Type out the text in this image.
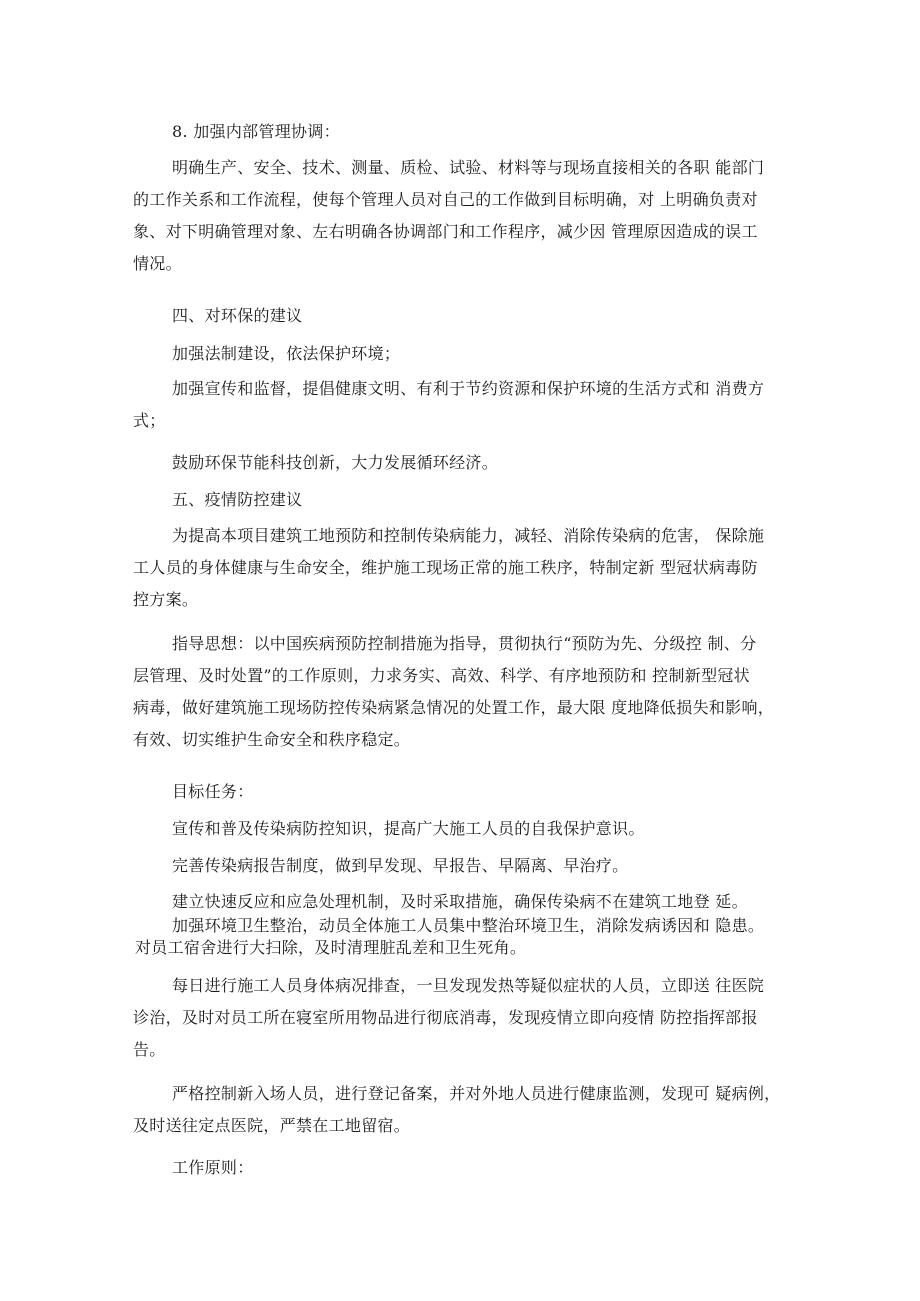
8. 加强内部管理协调：

明确生产、安全、技术、测量、质检、试验、材料等与现场直接相关的各职 能部门
的工作关系和工作流程，使每个管理人员对自己的工作做到目标明确，对 上明确负责对
象、对下明确管理对象、左右明确各协调部门和工作程序，减少因 管理原因造成的误工
情况。

四、对环保的建议

加强法制建设，依法保护环境；

加强宣传和监督，提倡健康文明、有利于节约资源和保护环境的生活方式和 消费方
式；

鼓励环保节能科技创新，大力发展循环经济。

五、疫情防控建议

为提高本项目建筑工地预防和控制传染病能力，减轻、消除传染病的危害， 保除施
工人员的身体健康与生命安全，维护施工现场正常的施工秩序，特制定新 型冠状病毒防
控方案。
指导思想：以中国疾病预防控制措施为指导，贯彻执行“预防为先、分级控 制、分
层管理、及时处置”的工作原则，力求务实、高效、科学、有序地预防和 控制新型冠状
病毒，做好建筑施工现场防控传染病紧急情况的处置工作，最大限 度地降低损失和影响，
有效、切实维护生命安全和秩序稳定。

目标任务：

宣传和普及传染病防控知识，提高广大施工人员的自我保护意识。

完善传染病报告制度，做到早发现、早报告、早隔离、早治疗。

建立快速反应和应急处理机制，及时采取措施，确保传染病不在建筑工地登 延。

加强环境卫生整治，动员全体施工人员集中整治环境卫生，消除发病诱因和 隐患。
对员工宿舍进行大扫除，及时清理脏乱差和卫生死角。
每日进行施工人员身体病况排查，一旦发现发热等疑似症状的人员，立即送 往医院
诊治，及时对员工所在寝室所用物品进行彻底消毒，发现疫情立即向疫情 防控指挥部报
告。
严格控制新入场人员，进行登记备案，并对外地人员进行健康监测，发现可 疑病例，
及时送往定点医院，严禁在工地留宿。

工作原则：
